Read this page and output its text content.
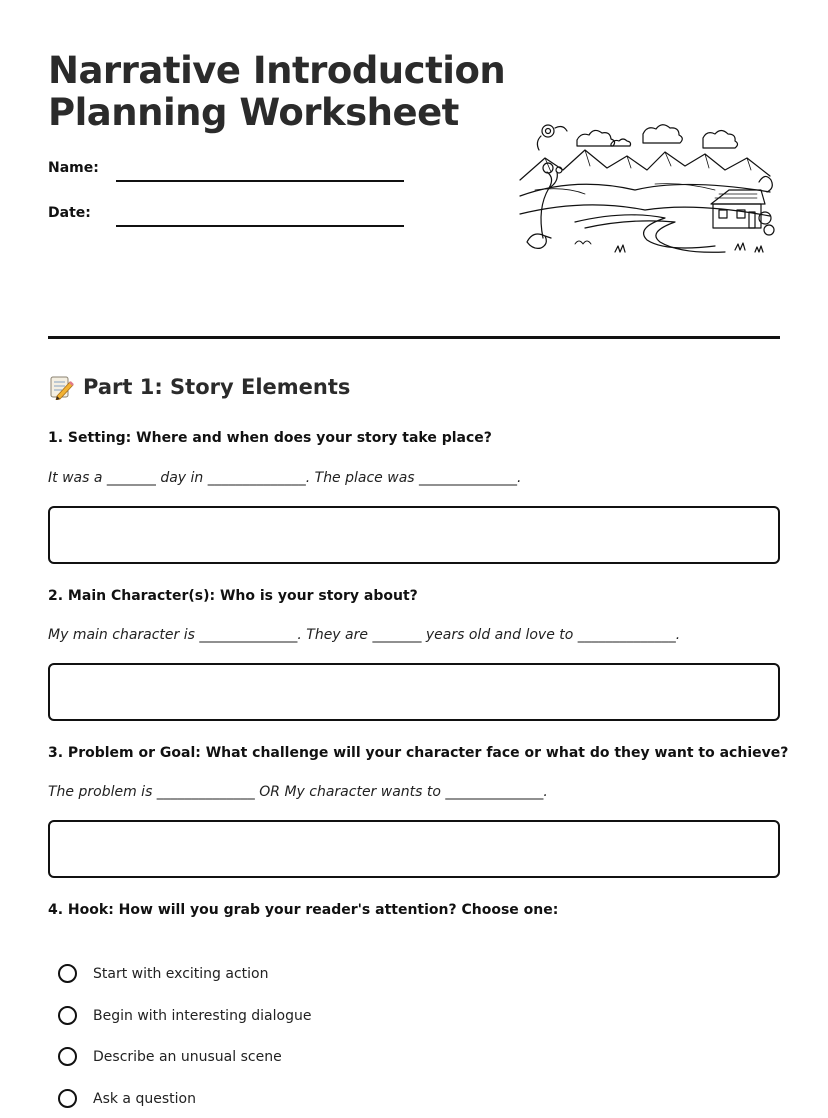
Narrative Introduction
Planning Worksheet
Name:
Date:
Part 1: Story Elements
1. Setting: Where and when does your story take place?
It was a _______ day in ______________. The place was ______________.
2. Main Character(s): Who is your story about?
My main character is ______________. They are _______ years old and love to ______________.
3. Problem or Goal: What challenge will your character face or what do they want to achieve?
The problem is ______________ OR My character wants to ______________.
4. Hook: How will you grab your reader's attention? Choose one:
Start with exciting action
Begin with interesting dialogue
Describe an unusual scene
Ask a question
